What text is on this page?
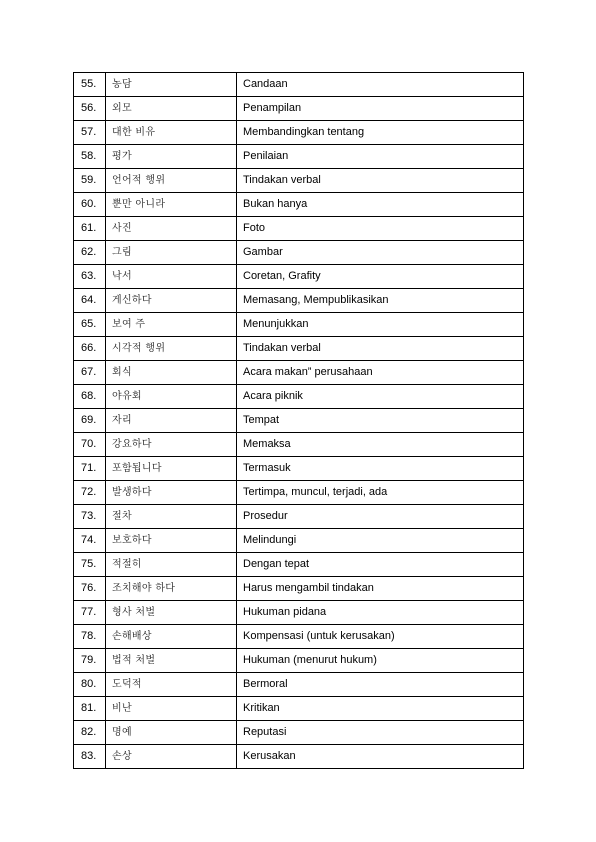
55.	농담	Candaan
56.	외모	Penampilan
57.	대한 비유	Membandingkan tentang
58.	평가	Penilaian
59.	언어적 행위	Tindakan verbal
60.	뿐만 아니라	Bukan hanya
61.	사진	Foto
62.	그림	Gambar
63.	낙서	Coretan, Grafity
64.	게신하다	Memasang, Mempublikasikan
65.	보여 주	Menunjukkan
66.	시각적 행위	Tindakan verbal
67.	회식	Acara makan” perusahaan
68.	야유회	Acara piknik
69.	자리	Tempat
70.	강요하다	Memaksa
71.	포함됩니다	Termasuk
72.	발생하다	Tertimpa, muncul, terjadi, ada
73.	절차	Prosedur
74.	보호하다	Melindungi
75.	적절히	Dengan tepat
76.	조치해야 하다	Harus mengambil tindakan
77.	형사 처벌	Hukuman pidana
78.	손해배상	Kompensasi (untuk kerusakan)
79.	법적 처벌	Hukuman (menurut hukum)
80.	도덕적	Bermoral
81.	비난	Kritikan
82.	명예	Reputasi
83.	손상	Kerusakan
